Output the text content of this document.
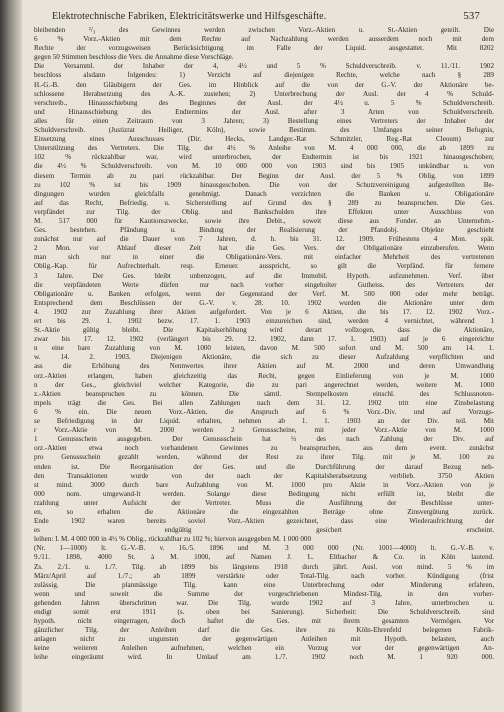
Elektrotechnische Fabriken, Elektricitätswerke und Hilfsgeschäfte.	537
bleibenden ²/₃ des Gewinnes werden zwischen Vorz.-Aktien u. St.-Aktien geteilt. Die
6 % Vorz.-Aktien mit dem Rechte auf Nachzahlung werden ausserdem noch mit dem
Rechte der vorzugsweisen Berücksichtigung im Falle der Liquid. ausgestattet. Mit 8202
gegen 50 Stimmen beschloss die Vers. die Annahme diese Vorschläge.
Die Versamml. der Inhaber der 4, 4½ und 5 % Schuldverschreib. v. 11./11. 1902
beschloss alsdann folgendes: 1) Verzicht auf diejenigen Rechte, welche nach § 289
H.-G.-B. den Gläubigern der Ges. im Hinblick auf die von der G.-V. der Aktionäre be-
schlossene Herabsetzung des A.-K. zustehen; 2) Unterbrechung der Ausl. der 4 % Schuld-
verschreib., Hinausschiebung des Beginnes der Ausl. der 4½ u. 5 % Schuldverschreib.
und Hinausschiebung des Endtermins der Ausl. after 3 Arten von Schuldverschreib.
alles für einen Zeitraum von 3 Jahren; 3) Bestellung eines Vertreters der Inhaber der
Schuldverschreib. (Justizrat Heiliger, Köln), sowie Bestimm. des Umfanges seiner Befugnis,
Einsetzung eines Ausschusses (Dir. Hecks, Landger.-Rat Schmitzler, Reg.-Rat Cleoum) zur
Unterstützung des Vertreters. Die Tilg. der 4½ % Anleihe von M. 4 000 000, die ab 1899 zu
102 % rückzahlbar war, wird unterbrochen, der Endtermin ist bis 1921 hinausgeschoben;
die 4½ % Schuldverschreib. von M. 10 000 000 von 1903 sind bis 1905 unkündbar u. von
diesem Termin ab zu pari rückzahlbar. Der Beginn der Ausl. der 5 % Oblig. von 1899
zu 102 % ist bis 1909 hinausgeschoben. Die von der Schutzvereinigung aufgestellten Be-
dingungen wurden gleichfalls genehmigt. Danach verzichten die Banken u. Obligationäre
auf das Recht, Befriedig. u. Sicherstellung auf Grund des § 289 zu beanspruchen. Die Ges.
verpfändet zur Tilg. der Oblig. und Bankschulden ihre Effekten unter Ausschluss von
M. 517 000 für Kautionszwecke, sowie ihre Debit., soweit diese aus Fonder. an Unternehm.-
Ges. bestehen. Pfändung u. Bindung der Realisierung der Pfandobj. Objekte geschieht
zunächst nur auf die Dauer von 7 Jahren, d. h. bis 31. 12. 1909. Frühestens 4 Mon. spät.
2 Mon. vor Ablauf dieser Zeit hat die Ges. Vers. der Obligationäre einzuberufen. Wenn
man sich nur in einer die Obligationäre-Vers. mit einfacher Mehrheit des vertretenen
Oblig.-Kap. für Aufrechterhalt. resp. Erneuer. ausspricht, so gilt die Verpfänd. für fernere
3 Jahre. Der Ges. bleibt unbenzogen, auf die Immobil. Hypoth. aufzunehmen. Verf. über
die verpfändeten Werte dürfen nur nach vorher eingeholter Gutheiss. des Vertreters der
Obligationäre u. Banken erfolgen, wenn der Gegenstand der Verf. M. 500 000 oder mehr beträgt.
Entsprechend dem Beschlüssen der G.-V. v. 28. 10. 1902 wurden die Aktionäre unter dem
4. 1902 zur Zuzahlung ihrer Aktien aufgefordert. Von je 6 Aktien, die bis 17. 12. 1902 Vorz.-
ert bis 29. 1. 1902 bezw. 17. 1. 1903 einzureichen sind, werden 4 vernichtet, während 1
St.-Aktie gültig bleibt. Die Kapitalserhöhung wird derart vollzogen, dass die Aktionäre,
zwar bis 17. 12. 1902 (verlängert bis 29. 12. 1902, dann 17. 1. 1903) auf je 6 eingereichte
n eine bare Zuzahlung von M. 1000 leisten, davon M. 500 sofort und M. 500 am 14. 1.
w. 14. 2. 1903. Diejenigen Aktionäre, die sich zu dieser Aufzahlung verpflichten und
ass die Erhöhung des Nennwertes ihrer Aktien auf M. 2000 und deren Umwandlung
orz.-Aktien erlangen, haben gleichzeitig das Recht, gegen Einlieferung von je M. 1000
n der Ges., gleichviel welcher Kategorie, die zu pari angerechnet werden, weitere M. 1000
z.-Aktien beanspruchen zu können. Die sämtl. Stempelkosten einschl. des Schlussnoten-
mpels trägt die Ges. Bei allen Zahlungen nach dem 31. 12. 1902 tritt eine Zinsbelastung
6 % ein. Die neuen Vorz.-Aktien, die Anspruch auf 6 % Vorz.-Div. und auf Vorzugs-
se Befriedigung in der Liquid. erhalten, nehmen ab 1. 1. 1903 an der Div. teil. Mit
r Vorz.-Aktie von M. 2000 werden 2 Genussscheine, mit jeder Vorz.-Aktie von M. 1000
1 Genussschein ausgegeben. Der Genussschein hat ⅓ des nach Zahlung der Div. auf
orz.-Aktien etwa noch vorhandenen Gewinnes zu beanspruchen, aus dem event. zunächst
pro Genussschein gezahlt werden, während der Rest zu ihrer Tilg. mit je M. 100 zu
enden ist. Die Reorganisation der Ges. und die Durchführung der darauf Bezug neh-
den Transaktionen wurde von der nach der Kapitalsherabsetzung verblieb. 3750 Aktien
st mind. 3000 durch bare Aufzahlung von M. 1000 pro Aktie in Vorz.-Aktien von je
000 nom. umgewand-lt werden. Solange diese Bedingung nicht erfüllt ist, bleibt die
rzahlung unter Aufsicht der Vertreter. Muss die Ausführung der Beschlüsse unter-
en, so erhalten die Aktionäre die eingezahlten Beträge ohne Zinsvergütung zurück.
Ende 1902 waren bereits soviel Vorz.-Aktien gezeichnet, dass eine Wiederaufrichtung der
es endgültig gesichert erscheint.
leihen: I. M. 4 000 000 in 4½ % Oblig., rückzahlbar zu 102 %; hiervon ausgegeben M. 1 000 000
(Nr. 1—1000) lt. G.-V.-B. v. 16./5. 1896 und M. 3 000 000 (Nr. 1001—4000) lt. G.-V.-B. v.
9./11. 1898, 4000 St. à M. 1000, auf Namen J. L. Eltbacher & Co. in Köln lautend.
Zs. 2./1. u. 1./7. Tilg. ab 1899 bis längstens 1918 durch jährl. Ausl. von mind. 5 % im
März/April auf 1./7.; ab 1899 verstärkte oder Total-Tilg. nach vorher. Kündigung (frist
zulässig. Die planmässige Tilg. kann eine Unterbrechung oder Minderung erfahren,
wenn und soweit die Summe der vorgeschriebenen Mindest-Tilg. in den vorher-
gehenden Jahren überschritten war. Die Tilg. wurde 1902 auf 3 Jahre, unterbrochen u.
endigt somit erst 1911 (s. oben bei Sanierung). Sicherheit: Die Schuldverschreib. sind
hypoth. nicht eingetragen, doch haftet die Ges. mit ihrem gesamten Vermögen. Vor
gänzlicher Tilg. der Anleihen darf die Ges. ihre zu Köln-Ehrenfeld belegenen Fabrik-
anlagen nicht zu ungunsten der gegenwärtigen Anleihen mit Hypoth. belasten, auch
keine weiteren Anleihen aufnehmen, welchen ein Vorzug vor der gegenwärtigen An-
leihe eingeräumt wird. In Umlauf am 1./7. 1902 noch M. 1 920 000.
